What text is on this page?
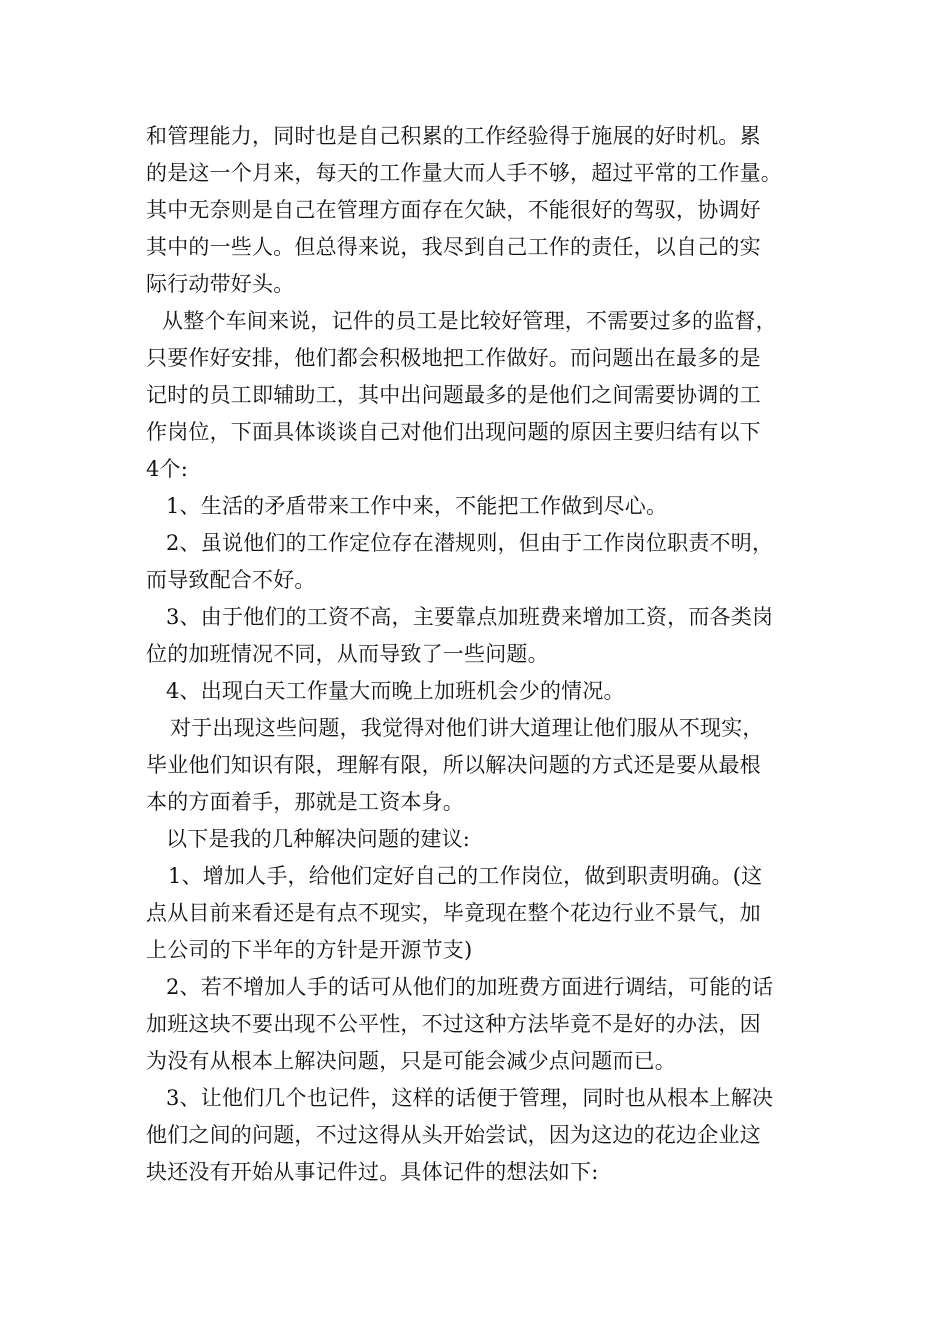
和管理能力，同时也是自己积累的工作经验得于施展的好时机。累
的是这一个月来，每天的工作量大而人手不够，超过平常的工作量。
其中无奈则是自己在管理方面存在欠缺，不能很好的驾驭，协调好
其中的一些人。但总得来说，我尽到自己工作的责任，以自己的实
际行动带好头。
从整个车间来说，记件的员工是比较好管理，不需要过多的监督，
只要作好安排，他们都会积极地把工作做好。而问题出在最多的是
记时的员工即辅助工，其中出问题最多的是他们之间需要协调的工
作岗位，下面具体谈谈自己对他们出现问题的原因主要归结有以下
4个:
1、生活的矛盾带来工作中来，不能把工作做到尽心。
2、虽说他们的工作定位存在潜规则，但由于工作岗位职责不明，
而导致配合不好。
3、由于他们的工资不高，主要靠点加班费来增加工资，而各类岗
位的加班情况不同，从而导致了一些问题。
4、出现白天工作量大而晚上加班机会少的情况。
对于出现这些问题，我觉得对他们讲大道理让他们服从不现实，
毕业他们知识有限，理解有限，所以解决问题的方式还是要从最根
本的方面着手，那就是工资本身。
以下是我的几种解决问题的建议:
1、增加人手，给他们定好自己的工作岗位，做到职责明确。(这
点从目前来看还是有点不现实，毕竟现在整个花边行业不景气，加
上公司的下半年的方针是开源节支)
2、若不增加人手的话可从他们的加班费方面进行调结，可能的话
加班这块不要出现不公平性，不过这种方法毕竟不是好的办法，因
为没有从根本上解决问题，只是可能会减少点问题而已。
3、让他们几个也记件，这样的话便于管理，同时也从根本上解决
他们之间的问题，不过这得从头开始尝试，因为这边的花边企业这
块还没有开始从事记件过。具体记件的想法如下:
